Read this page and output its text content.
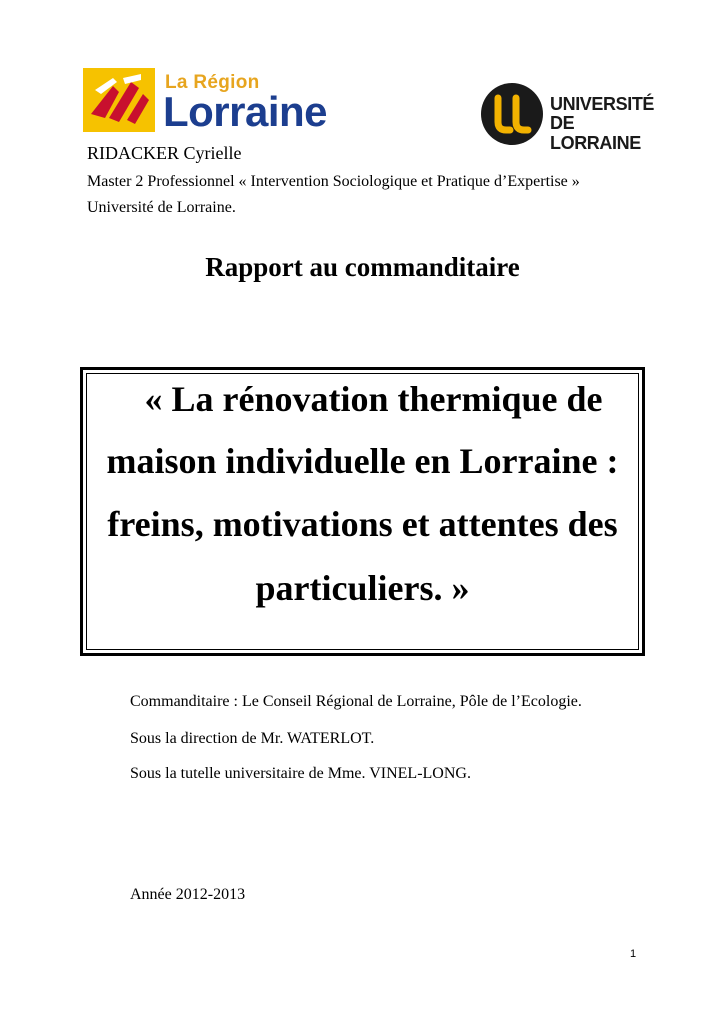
La Région
Lorraine	UNIVERSITÉ
DE LORRAINE
RIDACKER Cyrielle
Master 2 Professionnel « Intervention Sociologique et Pratique d’Expertise »
Université de Lorraine.
Rapport au commanditaire
« La rénovation thermique de
maison individuelle en Lorraine :
freins, motivations et attentes des
particuliers. »
Commanditaire : Le Conseil Régional de Lorraine, Pôle de l’Ecologie.
Sous la direction de Mr. WATERLOT.
Sous la tutelle universitaire de Mme. VINEL-LONG.
Année 2012-2013
1
